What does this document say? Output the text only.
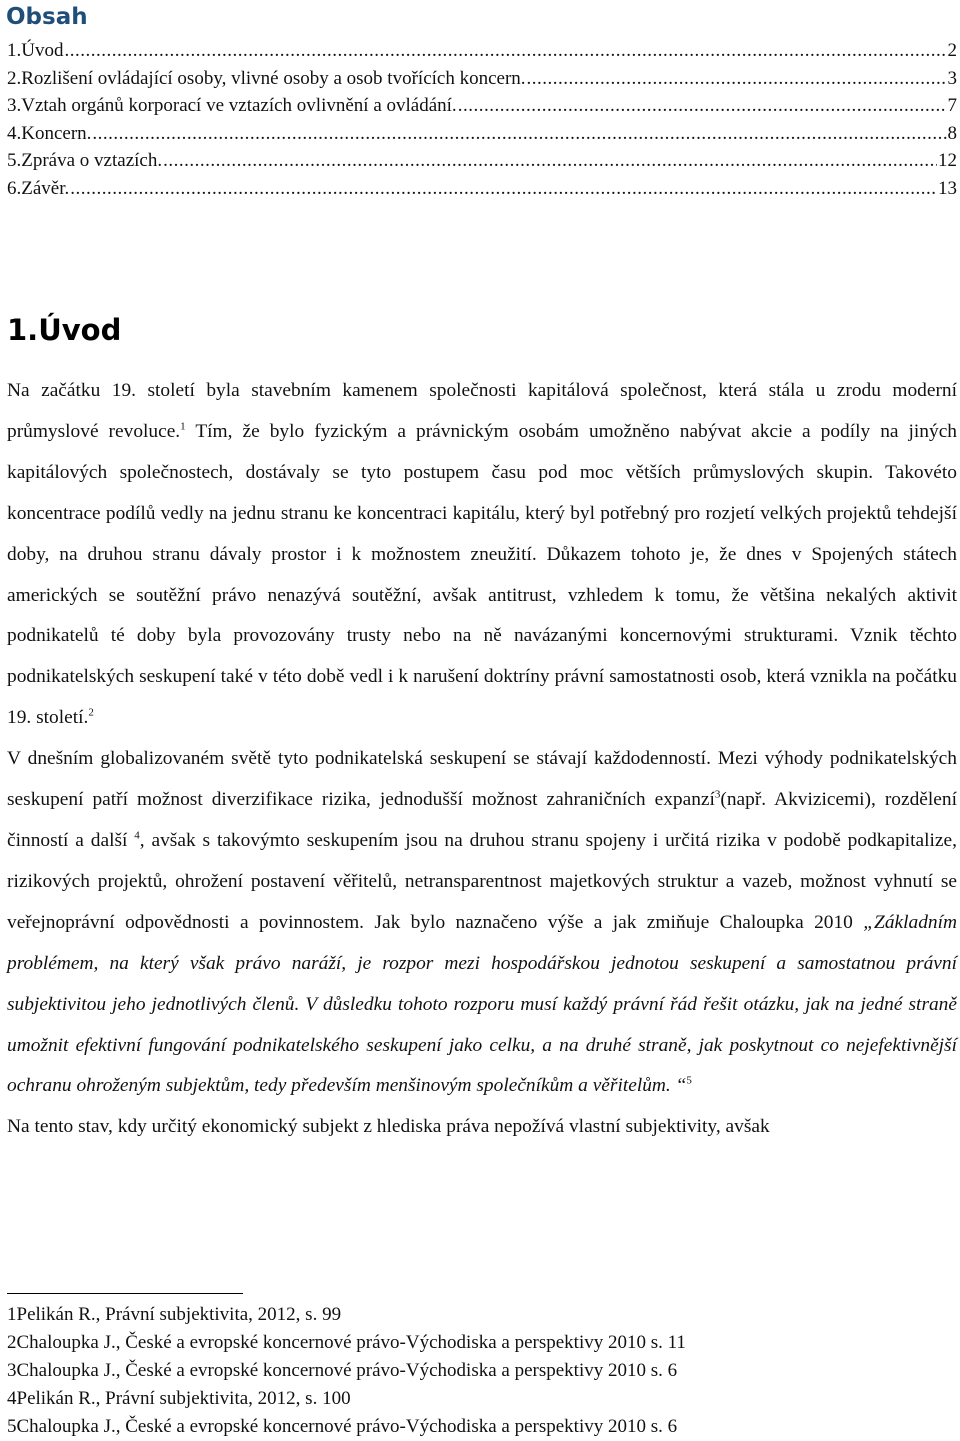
Obsah
1.Úvod .....	2
2.Rozlišení ovládající osoby, vlivné osoby a osob tvořících koncern. .....	3
3.Vztah orgánů korporací ve vztazích ovlivnění a ovládání. .....	7
4.Koncern. .....	8
5.Zpráva o vztazích. .....	12
6.Závěr. .....	13
1.Úvod

Na začátku 19. století byla stavebním kamenem společnosti kapitálová společnost, která stála u zrodu moderní průmyslové revoluce.$^1$ Tím, že bylo fyzickým a právnickým osobám umožněno nabývat akcie a podíly na jiných kapitálových společnostech, dostávaly se tyto postupem času pod moc větších průmyslových skupin. Takovéto koncentrace podílů vedly na jednu stranu ke koncentraci kapitálu, který byl potřebný pro rozjetí velkých projektů tehdejší doby, na druhou stranu dávaly prostor i k možnostem zneužití. Důkazem tohoto je, že dnes v Spojených státech amerických se soutěžní právo nenazývá soutěžní, avšak antitrust, vzhledem k tomu, že většina nekalých aktivit podnikatelů té doby byla provozovány trusty nebo na ně navázanými koncernovými strukturami. Vznik těchto podnikatelských seskupení také v této době vedl i k narušení doktríny právní samostatnosti osob, která vznikla na počátku 19. století.$^2$

V dnešním globalizovaném světě tyto podnikatelská seskupení se stávají každodenností. Mezi výhody podnikatelských seskupení patří možnost diverzifikace rizika, jednodušší možnost zahraničních expanzí$^3$(např. Akvizicemi), rozdělení činností a další $^4$, avšak s takovýmto seskupením jsou na druhou stranu spojeny i určitá rizika v podobě podkapitalize, rizikových projektů, ohrožení postavení věřitelů, netransparentnost majetkových struktur a vazeb, možnost vyhnutí se veřejnoprávní odpovědnosti a povinnostem. Jak bylo naznačeno výše a jak zmiňuje Chaloupka 2010 „Základním problémem, na který však právo naráží, je rozpor mezi hospodářskou jednotou seskupení a samostatnou právní subjektivitou jeho jednotlivých členů. V důsledku tohoto rozporu musí každý právní řád řešit otázku, jak na jedné straně umožnit efektivní fungování podnikatelského seskupení jako celku, a na druhé straně, jak poskytnout co nejefektivnější ochranu ohroženým subjektům, tedy především menšinovým společníkům a věřitelům. “$^5$

Na tento stav, kdy určitý ekonomický subjekt z hlediska práva nepožívá vlastní subjektivity, avšak

1Pelikán R., Právní subjektivita, 2012, s. 99
2Chaloupka J., České a evropské koncernové právo-Východiska a perspektivy 2010 s. 11
3Chaloupka J., České a evropské koncernové právo-Východiska a perspektivy 2010 s. 6
4Pelikán R., Právní subjektivita, 2012, s. 100
5Chaloupka J., České a evropské koncernové právo-Východiska a perspektivy 2010 s. 6
